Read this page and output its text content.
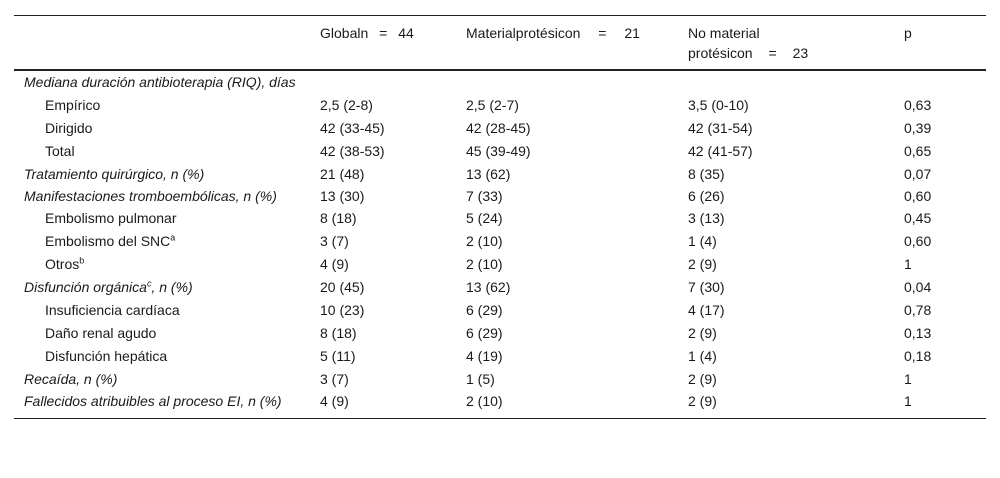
	Globaln = 44	Materialprotésicon = 21	No material
protésicon = 23	p
Mediana duración antibioterapia (RIQ), días				
Empírico	2,5 (2-8)	2,5 (2-7)	3,5 (0-10)	0,63
Dirigido	42 (33-45)	42 (28-45)	42 (31-54)	0,39
Total	42 (38-53)	45 (39-49)	42 (41-57)	0,65
Tratamiento quirúrgico, n (%)	21 (48)	13 (62)	8 (35)	0,07
Manifestaciones tromboembólicas, n (%)	13 (30)	7 (33)	6 (26)	0,60
Embolismo pulmonar	8 (18)	5 (24)	3 (13)	0,45
Embolismo del SNC$^a$	3 (7)	2 (10)	1 (4)	0,60
Otros$^b$	4 (9)	2 (10)	2 (9)	1
Disfunción orgánica$^c$, n (%)	20 (45)	13 (62)	7 (30)	0,04
Insuficiencia cardíaca	10 (23)	6 (29)	4 (17)	0,78
Daño renal agudo	8 (18)	6 (29)	2 (9)	0,13
Disfunción hepática	5 (11)	4 (19)	1 (4)	0,18
Recaída, n (%)	3 (7)	1 (5)	2 (9)	1
Fallecidos atribuibles al proceso EI, n (%)	4 (9)	2 (10)	2 (9)	1
